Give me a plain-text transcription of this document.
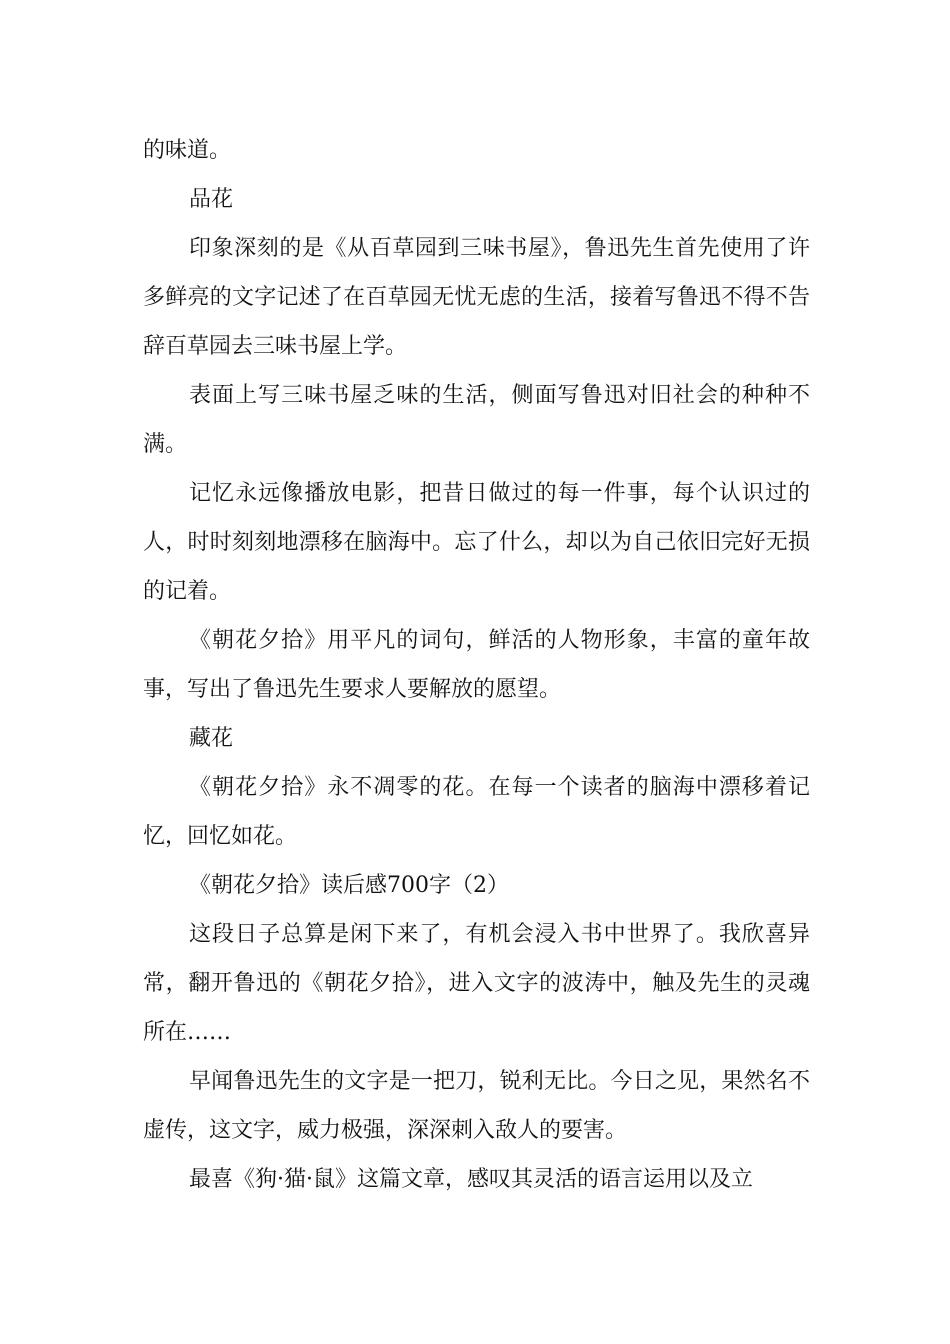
的味道。

品花

印象深刻的是《从百草园到三味书屋》，鲁迅先生首先使用了许多鲜亮的文字记述了在百草园无忧无虑的生活，接着写鲁迅不得不告辞百草园去三味书屋上学。

表面上写三味书屋乏味的生活，侧面写鲁迅对旧社会的种种不满。

记忆永远像播放电影，把昔日做过的每一件事，每个认识过的人，时时刻刻地漂移在脑海中。忘了什么，却以为自己依旧完好无损的记着。

《朝花夕拾》用平凡的词句，鲜活的人物形象，丰富的童年故事，写出了鲁迅先生要求人要解放的愿望。

藏花

《朝花夕拾》永不凋零的花。在每一个读者的脑海中漂移着记忆，回忆如花。

《朝花夕拾》读后感700字（2）

这段日子总算是闲下来了，有机会浸入书中世界了。我欣喜异常，翻开鲁迅的《朝花夕拾》，进入文字的波涛中，触及先生的灵魂所在……

早闻鲁迅先生的文字是一把刀，锐利无比。今日之见，果然名不虚传，这文字，威力极强，深深刺入敌人的要害。

最喜《狗·猫·鼠》这篇文章，感叹其灵活的语言运用以及立
